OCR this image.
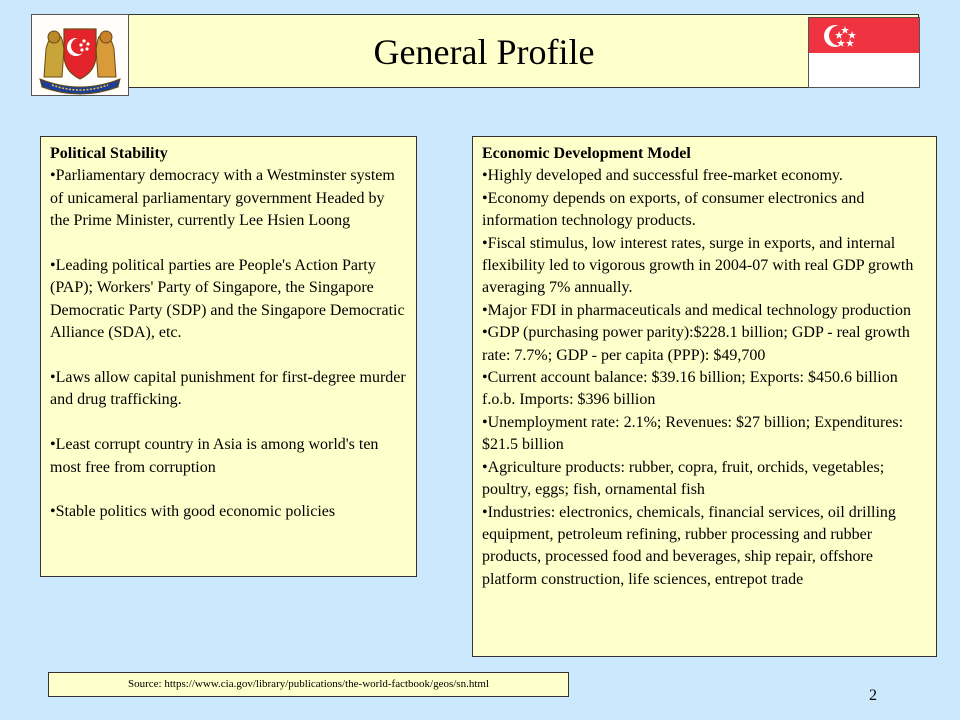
General Profile
Political Stability
•Parliamentary democracy with a Westminster system of unicameral parliamentary government Headed by the Prime Minister, currently Lee Hsien Loong
•Leading political parties are People's Action Party (PAP); Workers' Party of Singapore, the Singapore Democratic Party (SDP) and the Singapore Democratic Alliance (SDA), etc.
•Laws allow capital punishment for first-degree murder and drug trafficking.
•Least corrupt country in Asia is among world's ten most free from corruption
•Stable politics with good economic policies
Economic Development Model
•Highly developed and successful free-market economy.
•Economy depends on exports, of consumer electronics and information technology products.
•Fiscal stimulus, low interest rates, surge in exports, and internal flexibility led to vigorous growth in 2004-07 with real GDP growth averaging 7% annually.
•Major FDI in pharmaceuticals and medical technology production
•GDP (purchasing power parity):$228.1 billion; GDP - real growth rate: 7.7%; GDP - per capita (PPP): $49,700
•Current account balance: $39.16 billion; Exports: $450.6 billion f.o.b. Imports: $396 billion
•Unemployment rate: 2.1%; Revenues: $27 billion; Expenditures: $21.5 billion
•Agriculture products: rubber, copra, fruit, orchids, vegetables; poultry, eggs; fish, ornamental fish
•Industries: electronics, chemicals, financial services, oil drilling equipment, petroleum refining, rubber processing and rubber products, processed food and beverages, ship repair, offshore platform construction, life sciences, entrepot trade
Source: https://www.cia.gov/library/publications/the-world-factbook/geos/sn.html
2
